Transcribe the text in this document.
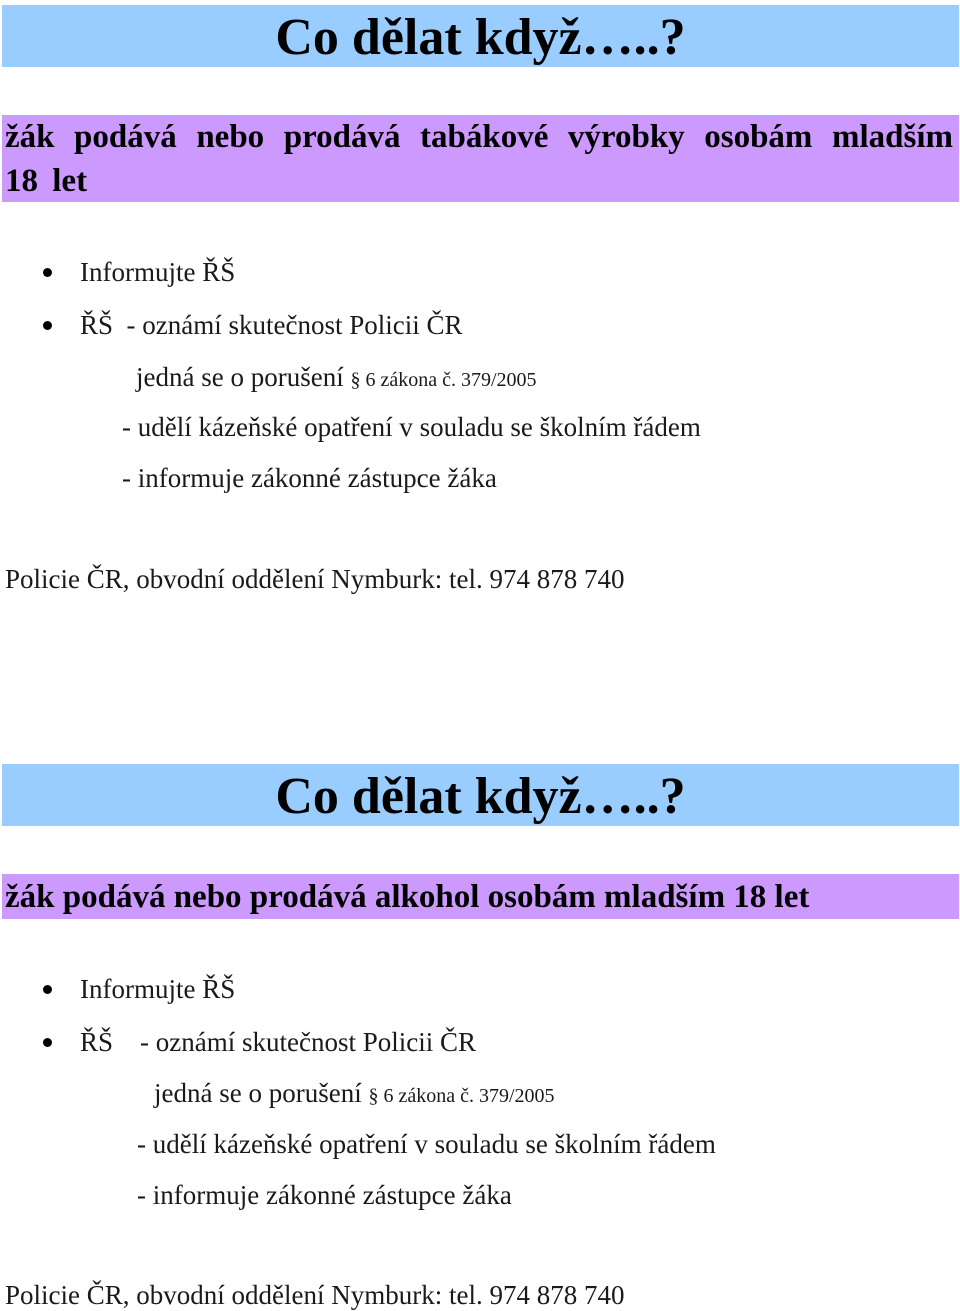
Co dělat když…..?
žák podává nebo prodává tabákové výrobky osobám mladším 18 let
Informujte ŘŠ
ŘŠ  - oznámí skutečnost Policii ČR
jedná se o porušení § 6 zákona č. 379/2005
- udělí kázeňské opatření v souladu se školním řádem
- informuje zákonné zástupce žáka
Policie ČR, obvodní oddělení Nymburk: tel. 974 878 740
Co dělat když…..?
žák podává nebo prodává alkohol osobám mladším 18 let
Informujte ŘŠ
ŘŠ    - oznámí skutečnost Policii ČR
jedná se o porušení § 6 zákona č. 379/2005
- udělí kázeňské opatření v souladu se školním řádem
- informuje zákonné zástupce žáka
Policie ČR, obvodní oddělení Nymburk: tel. 974 878 740
